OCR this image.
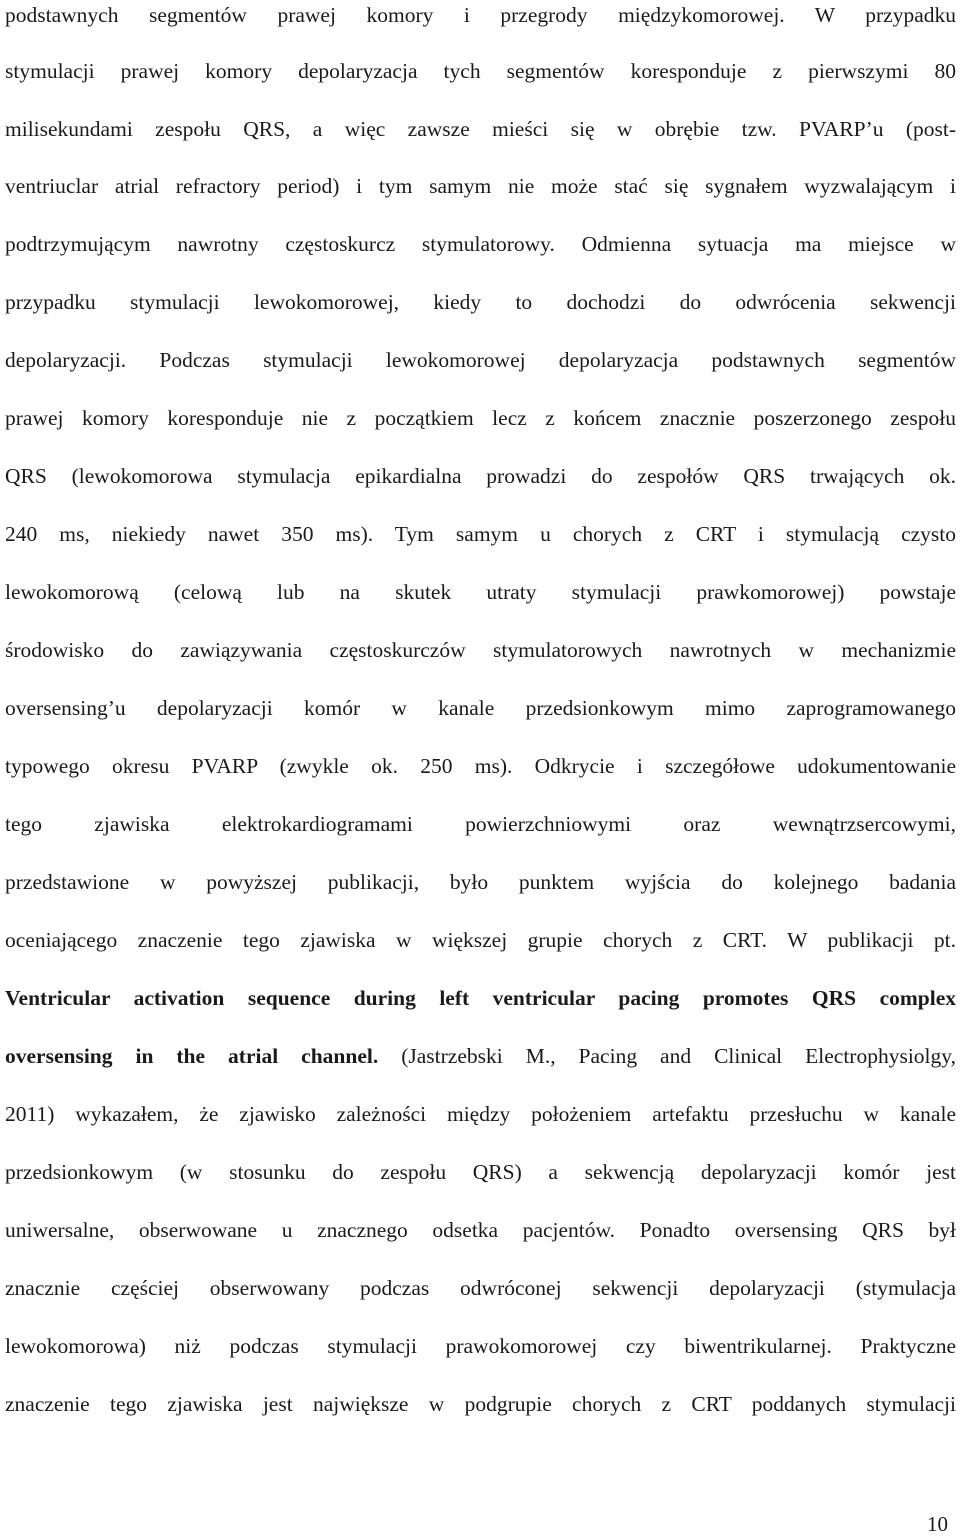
podstawnych segmentów prawej komory i przegrody międzykomorowej. W przypadku
stymulacji prawej komory depolaryzacja tych segmentów koresponduje z pierwszymi 80
milisekundami zespołu QRS, a więc zawsze mieści się w obrębie tzw. PVARP’u (post-
ventriuclar atrial refractory period) i tym samym nie może stać się sygnałem wyzwalającym i
podtrzymującym nawrotny częstoskurcz stymulatorowy. Odmienna sytuacja ma miejsce w
przypadku stymulacji lewokomorowej, kiedy to dochodzi do odwrócenia sekwencji
depolaryzacji. Podczas stymulacji lewokomorowej depolaryzacja podstawnych segmentów
prawej komory koresponduje nie z początkiem lecz z końcem znacznie poszerzonego zespołu
QRS (lewokomorowa stymulacja epikardialna prowadzi do zespołów QRS trwających ok.
240 ms, niekiedy nawet 350 ms). Tym samym u chorych z CRT i stymulacją czysto
lewokomorową (celową lub na skutek utraty stymulacji prawkomorowej) powstaje
środowisko do zawiązywania częstoskurczów stymulatorowych nawrotnych w mechanizmie
oversensing’u depolaryzacji komór w kanale przedsionkowym mimo zaprogramowanego
typowego okresu PVARP (zwykle ok. 250 ms). Odkrycie i szczegółowe udokumentowanie
tego zjawiska elektrokardiogramami powierzchniowymi oraz wewnątrzsercowymi,
przedstawione w powyższej publikacji, było punktem wyjścia do kolejnego badania
oceniającego znaczenie tego zjawiska w większej grupie chorych z CRT. W publikacji pt.
Ventricular activation sequence during left ventricular pacing promotes QRS complex
oversensing in the atrial channel. (Jastrzebski M., Pacing and Clinical Electrophysiolgy,
2011) wykazałem, że zjawisko zależności między położeniem artefaktu przesłuchu w kanale
przedsionkowym (w stosunku do zespołu QRS) a sekwencją depolaryzacji komór jest
uniwersalne, obserwowane u znacznego odsetka pacjentów. Ponadto oversensing QRS był
znacznie częściej obserwowany podczas odwróconej sekwencji depolaryzacji (stymulacja
lewokomorowa) niż podczas stymulacji prawokomorowej czy biwentrikularnej. Praktyczne
znaczenie tego zjawiska jest największe w podgrupie chorych z CRT poddanych stymulacji
10
